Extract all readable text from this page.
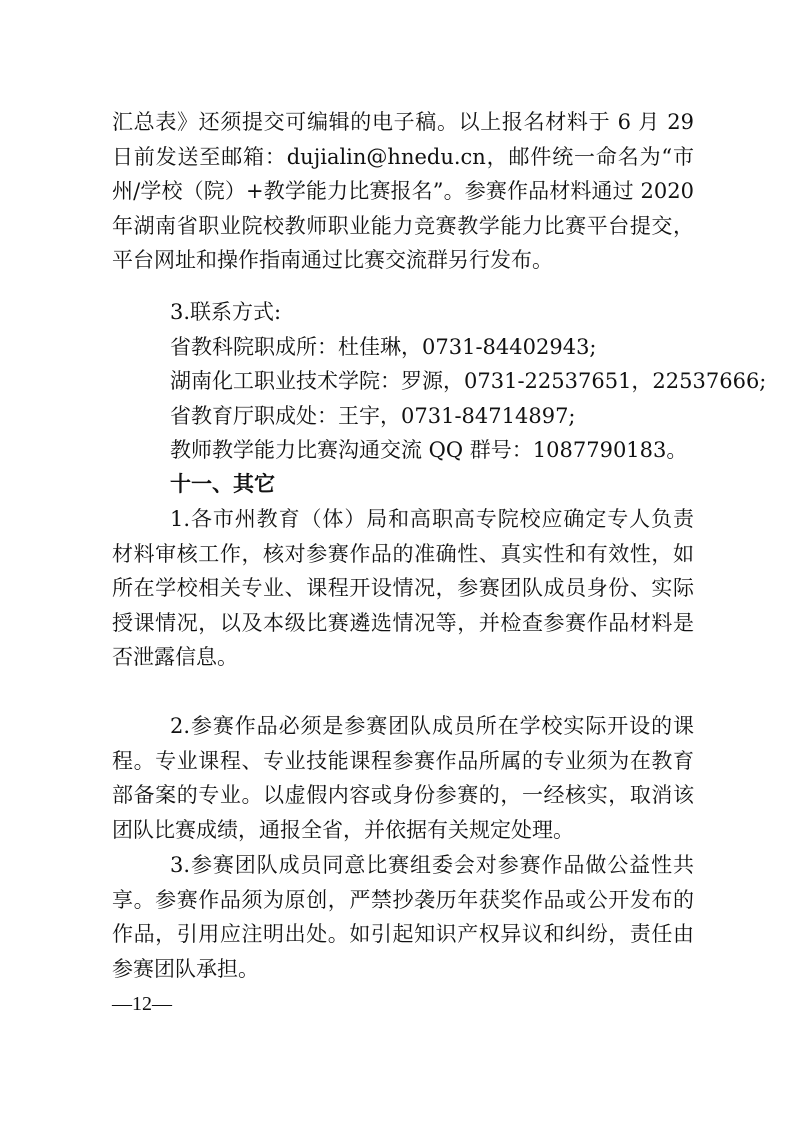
汇总表》还须提交可编辑的电子稿。以上报名材料于 6 月 29 日前发送至邮箱：dujialin@hnedu.cn，邮件统一命名为“市州/学校（院）+教学能力比赛报名”。参赛作品材料通过 2020 年湖南省职业院校教师职业能力竞赛教学能力比赛平台提交，平台网址和操作指南通过比赛交流群另行发布。

3.联系方式:

省教科院职成所：杜佳琳，0731-84402943;

湖南化工职业技术学院：罗源，0731-22537651，22537666;

省教育厅职成处：王宇，0731-84714897;

教师教学能力比赛沟通交流 QQ 群号：1087790183。

十一、其它

1.各市州教育（体）局和高职高专院校应确定专人负责材料审核工作，核对参赛作品的准确性、真实性和有效性，如所在学校相关专业、课程开设情况，参赛团队成员身份、实际授课情况，以及本级比赛遴选情况等，并检查参赛作品材料是否泄露信息。

2.参赛作品必须是参赛团队成员所在学校实际开设的课程。专业课程、专业技能课程参赛作品所属的专业须为在教育部备案的专业。以虚假内容或身份参赛的，一经核实，取消该团队比赛成绩，通报全省，并依据有关规定处理。

3.参赛团队成员同意比赛组委会对参赛作品做公益性共享。参赛作品须为原创，严禁抄袭历年获奖作品或公开发布的作品，引用应注明出处。如引起知识产权异议和纠纷，责任由参赛团队承担。

—12—
